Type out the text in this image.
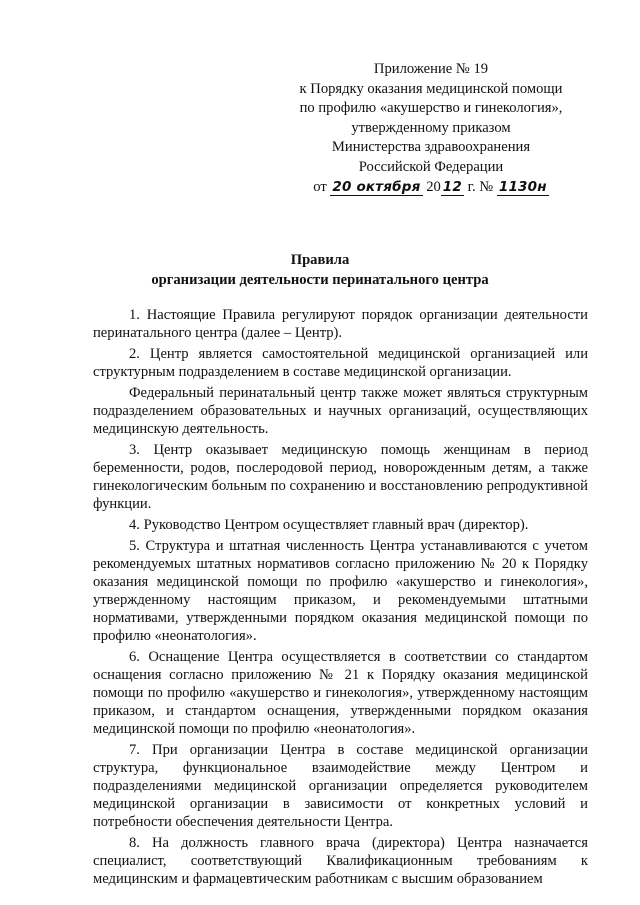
Приложение № 19
к Порядку оказания медицинской помощи
по профилю «акушерство и гинекология»,
утвержденному приказом
Министерства здравоохранения
Российской Федерации
от 20 октября 20 12 г. № 1130н
Правила
организации деятельности перинатального центра

1. Настоящие Правила регулируют порядок организации деятельности перинатального центра (далее – Центр).

2. Центр является самостоятельной медицинской организацией или структурным подразделением в составе медицинской организации.

Федеральный перинатальный центр также может являться структурным подразделением образовательных и научных организаций, осуществляющих медицинскую деятельность.

3. Центр оказывает медицинскую помощь женщинам в период беременности, родов, послеродовой период, новорожденным детям, а также гинекологическим больным по сохранению и восстановлению репродуктивной функции.

4. Руководство Центром осуществляет главный врач (директор).

5. Структура и штатная численность Центра устанавливаются с учетом рекомендуемых штатных нормативов согласно приложению № 20 к Порядку оказания медицинской помощи по профилю «акушерство и гинекология», утвержденному настоящим приказом, и рекомендуемыми штатными нормативами, утвержденными порядком оказания медицинской помощи по профилю «неонатология».

6. Оснащение Центра осуществляется в соответствии со стандартом оснащения согласно приложению № 21 к Порядку оказания медицинской помощи по профилю «акушерство и гинекология», утвержденному настоящим приказом, и стандартом оснащения, утвержденными порядком оказания медицинской помощи по профилю «неонатология».

7. При организации Центра в составе медицинской организации структура, функциональное взаимодействие между Центром и подразделениями медицинской организации определяется руководителем медицинской организации в зависимости от конкретных условий и потребности обеспечения деятельности Центра.

8. На должность главного врача (директора) Центра назначается специалист, соответствующий Квалификационным требованиям к медицинским и фармацевтическим работникам с высшим образованием
